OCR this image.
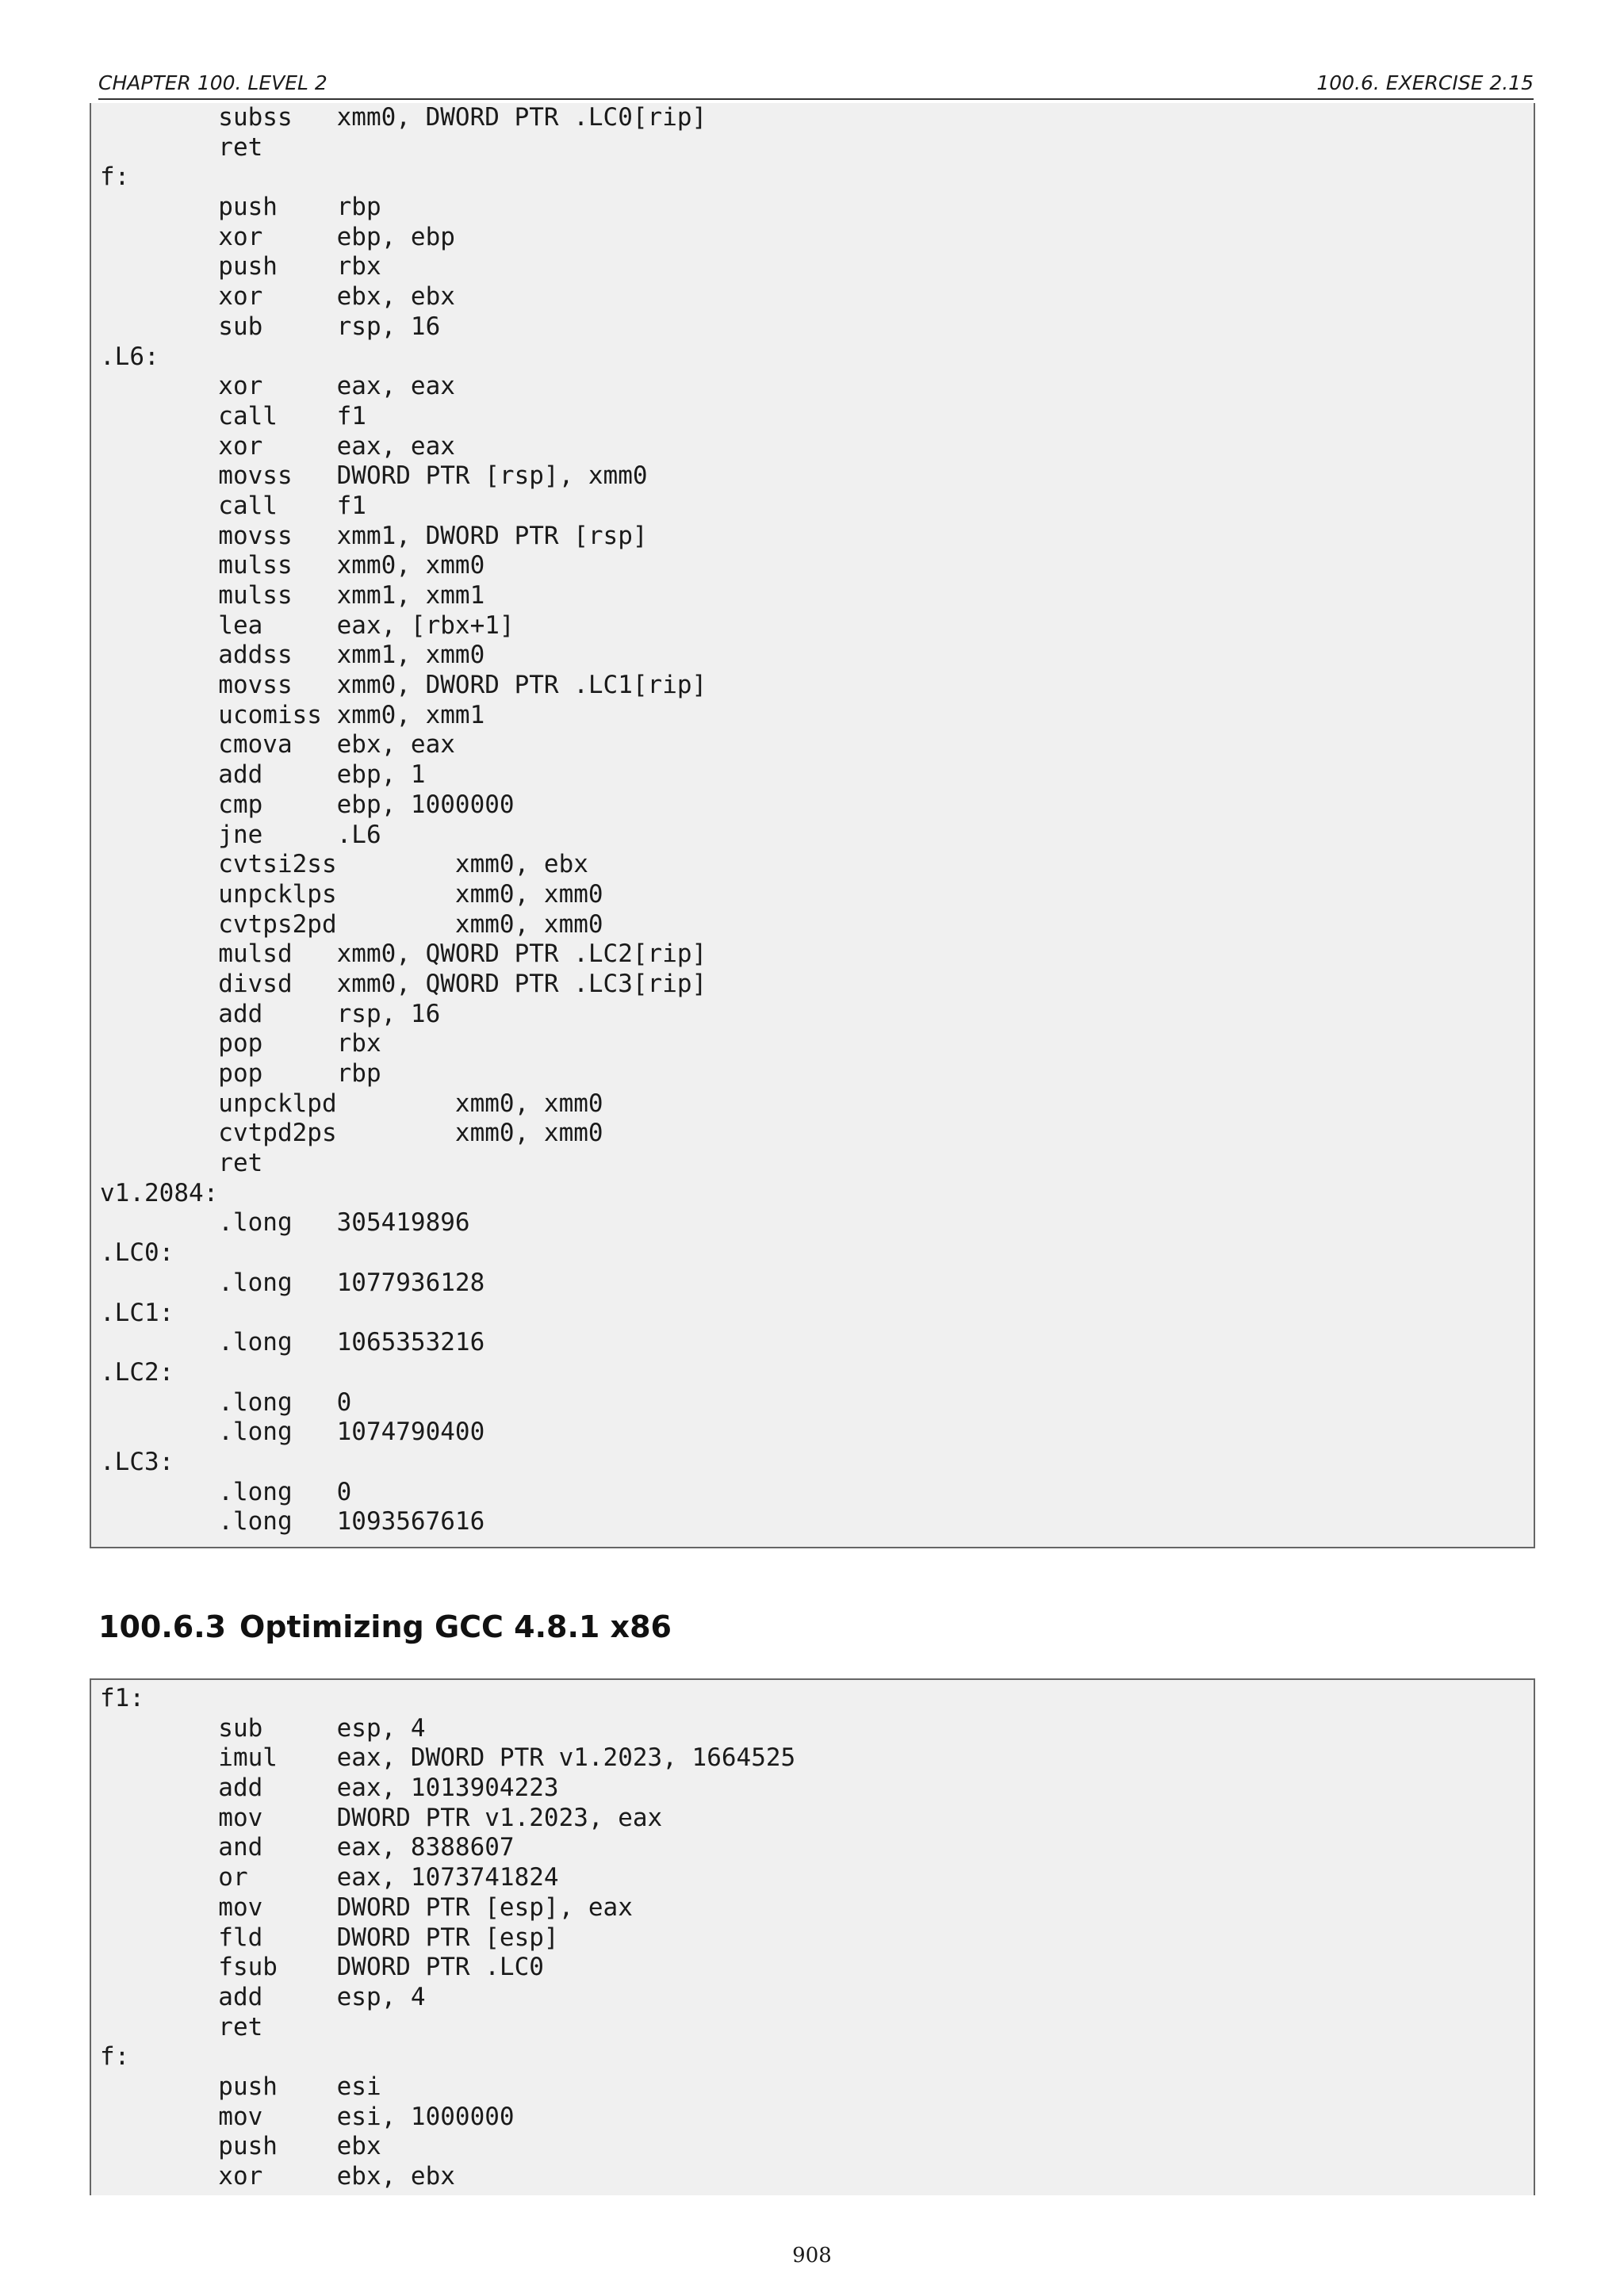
CHAPTER 100. LEVEL 2	100.6. EXERCISE 2.15
subss   xmm0, DWORD PTR .LC0[rip]
ret
f:
push    rbp
xor     ebp, ebp
push    rbx
xor     ebx, ebx
sub     rsp, 16
.L6:
xor     eax, eax
call    f1
xor     eax, eax
movss   DWORD PTR [rsp], xmm0
call    f1
movss   xmm1, DWORD PTR [rsp]
mulss   xmm0, xmm0
mulss   xmm1, xmm1
lea     eax, [rbx+1]
addss   xmm1, xmm0
movss   xmm0, DWORD PTR .LC1[rip]
ucomiss xmm0, xmm1
cmova   ebx, eax
add     ebp, 1
cmp     ebp, 1000000
jne     .L6
cvtsi2ss        xmm0, ebx
unpcklps        xmm0, xmm0
cvtps2pd        xmm0, xmm0
mulsd   xmm0, QWORD PTR .LC2[rip]
divsd   xmm0, QWORD PTR .LC3[rip]
add     rsp, 16
pop     rbx
pop     rbp
unpcklpd        xmm0, xmm0
cvtpd2ps        xmm0, xmm0
ret
v1.2084:
.long   305419896
.LC0:
.long   1077936128
.LC1:
.long   1065353216
.LC2:
.long   0
.long   1074790400
.LC3:
.long   0
.long   1093567616
100.6.3 Optimizing GCC 4.8.1 x86
f1:
sub     esp, 4
imul    eax, DWORD PTR v1.2023, 1664525
add     eax, 1013904223
mov     DWORD PTR v1.2023, eax
and     eax, 8388607
or      eax, 1073741824
mov     DWORD PTR [esp], eax
fld     DWORD PTR [esp]
fsub    DWORD PTR .LC0
add     esp, 4
ret
f:
push    esi
mov     esi, 1000000
push    ebx
xor     ebx, ebx
908
